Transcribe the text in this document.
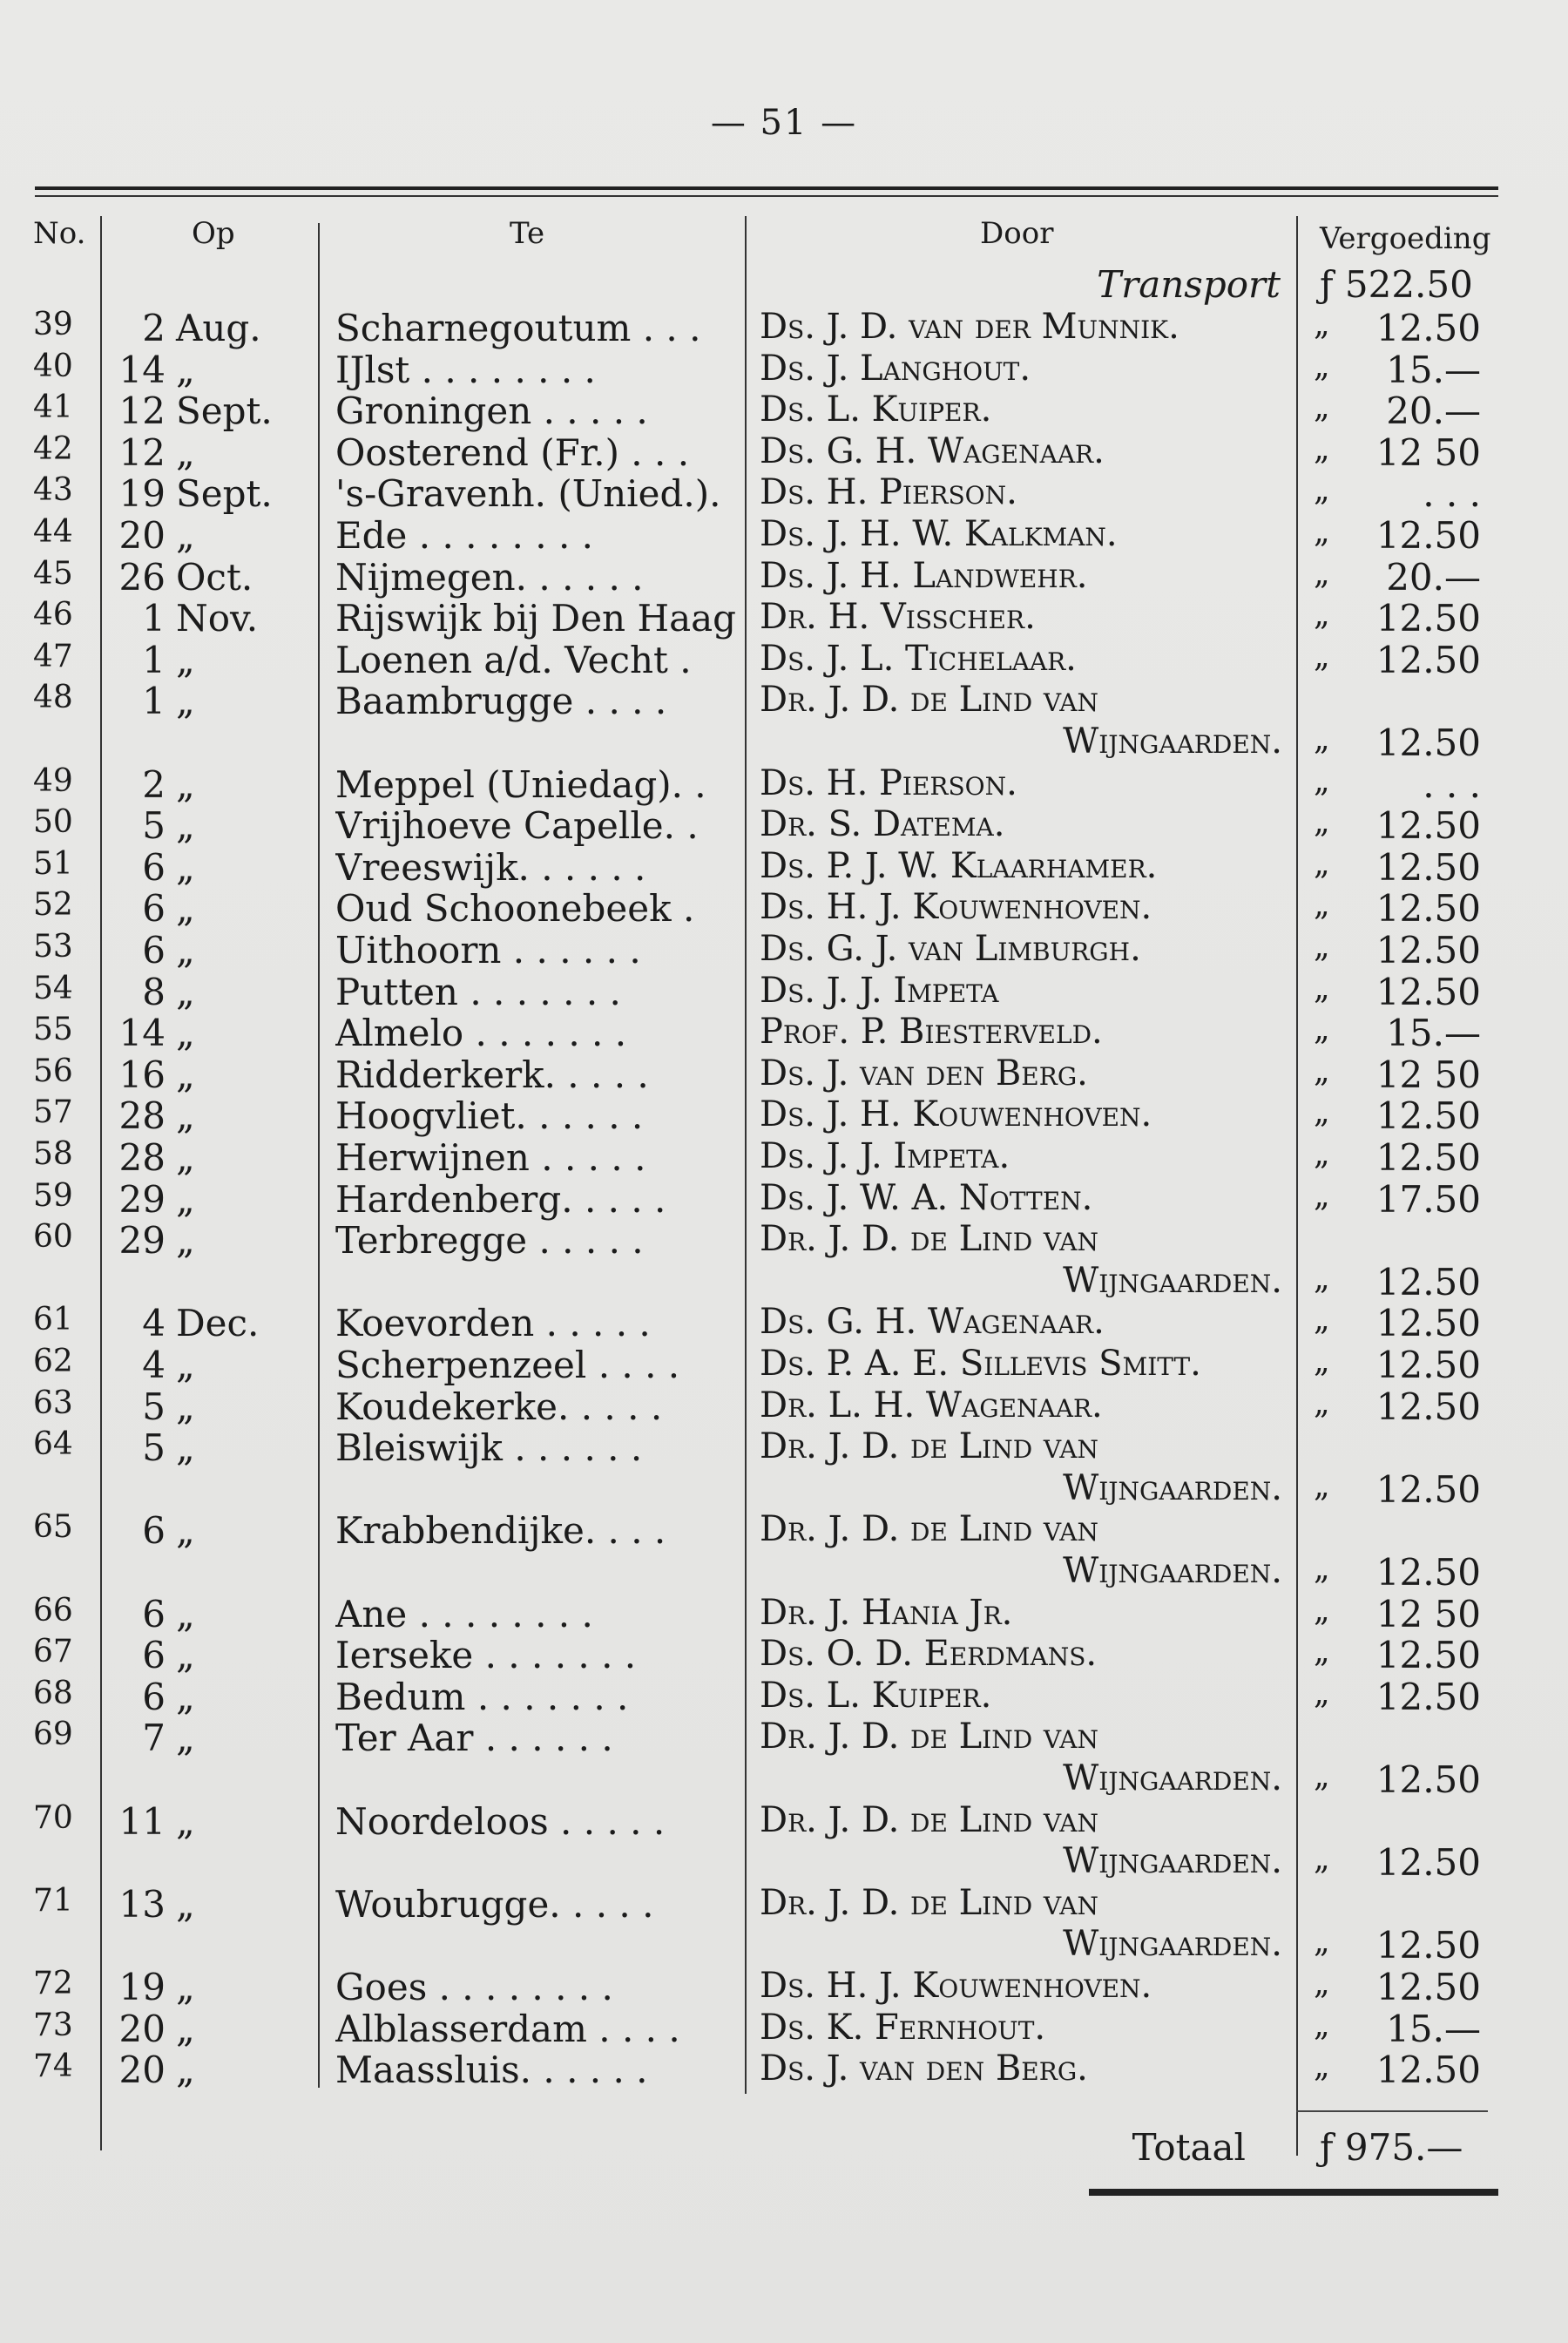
— 51 —
No.	Op	Te	Door	Vergoeding
Transport ƒ 522.50
39	2 Aug.	Scharnegoutum . . .	Ds. J. D. van der Munnik.	„	12.50
40	14 „	IJlst . . . . . . . .	Ds. J. Langhout.	„	15.—
41	12 Sept.	Groningen . . . . .	Ds. L. Kuiper.	„	20.—
42	12 „	Oosterend (Fr.) . . .	Ds. G. H. Wagenaar.	„	12 50
43	19 Sept.	's-Gravenh. (Unied.).	Ds. H. Pierson.	„	. . .
44	20 „	Ede . . . . . . . .	Ds. J. H. W. Kalkman.	„	12.50
45	26 Oct.	Nijmegen. . . . . .	Ds. J. H. Landwehr.	„	20.—
46	1 Nov.	Rijswijk bij Den Haag Dr. H. Visscher.	„	12.50
47	1 „	Loenen a/d. Vecht .	Ds. J. L. Tichelaar.	„	12.50
48	1 „	Baambrugge . . . .	Dr. J. D. de Lind van
Wijngaarden. „	12.50
49	2 „	Meppel (Uniedag). .	Ds. H. Pierson.	„	. . .
50	5 „	Vrijhoeve Capelle. .	Dr. S. Datema.	„	12.50
51	6 „	Vreeswijk. . . . . .	Ds. P. J. W. Klaarhamer.	„	12.50
52	6 „	Oud Schoonebeek .	Ds. H. J. Kouwenhoven.	„	12.50
53	6 „	Uithoorn . . . . . .	Ds. G. J. van Limburgh.	„	12.50
54	8 „	Putten . . . . . . .	Ds. J. J. Impeta	„	12.50
55	14 „	Almelo . . . . . . .	Prof. P. Biesterveld.	„	15.—
56	16 „	Ridderkerk. . . . .	Ds. J. van den Berg.	„	12 50
57	28 „	Hoogvliet. . . . . .	Ds. J. H. Kouwenhoven.	„	12.50
58	28 „	Herwijnen . . . . .	Ds. J. J. Impeta.	„	12.50
59	29 „	Hardenberg. . . . .	Ds. J. W. A. Notten.	„	17.50
60	29 „	Terbregge . . . . .	Dr. J. D. de Lind van
Wijngaarden. „	12.50
61	4 Dec.	Koevorden . . . . .	Ds. G. H. Wagenaar.	„	12.50
62	4 „	Scherpenzeel . . . .	Ds. P. A. E. Sillevis Smitt.	„	12.50
63	5 „	Koudekerke. . . . .	Dr. L. H. Wagenaar.	„	12.50
64	5 „	Bleiswijk . . . . . .	Dr. J. D. de Lind van
Wijngaarden. „	12.50
65	6 „	Krabbendijke. . . .	Dr. J. D. de Lind van
Wijngaarden. „	12.50
66	6 „	Ane . . . . . . . .	Dr. J. Hania Jr.	„	12 50
67	6 „	Ierseke . . . . . . .	Ds. O. D. Eerdmans.	„	12.50
68	6 „	Bedum . . . . . . .	Ds. L. Kuiper.	„	12.50
69	7 „	Ter Aar . . . . . .	Dr. J. D. de Lind van
Wijngaarden. „	12.50
70	11 „	Noordeloos . . . . .	Dr. J. D. de Lind van
Wijngaarden. „	12.50
71	13 „	Woubrugge. . . . .	Dr. J. D. de Lind van
Wijngaarden. „	12.50
72	19 „	Goes . . . . . . . .	Ds. H. J. Kouwenhoven.	„	12.50
73	20 „	Alblasserdam . . . .	Ds. K. Fernhout.	„	15.—
74	20 „	Maassluis. . . . . .	Ds. J. van den Berg.	„	12.50
Totaal ƒ 975.—
